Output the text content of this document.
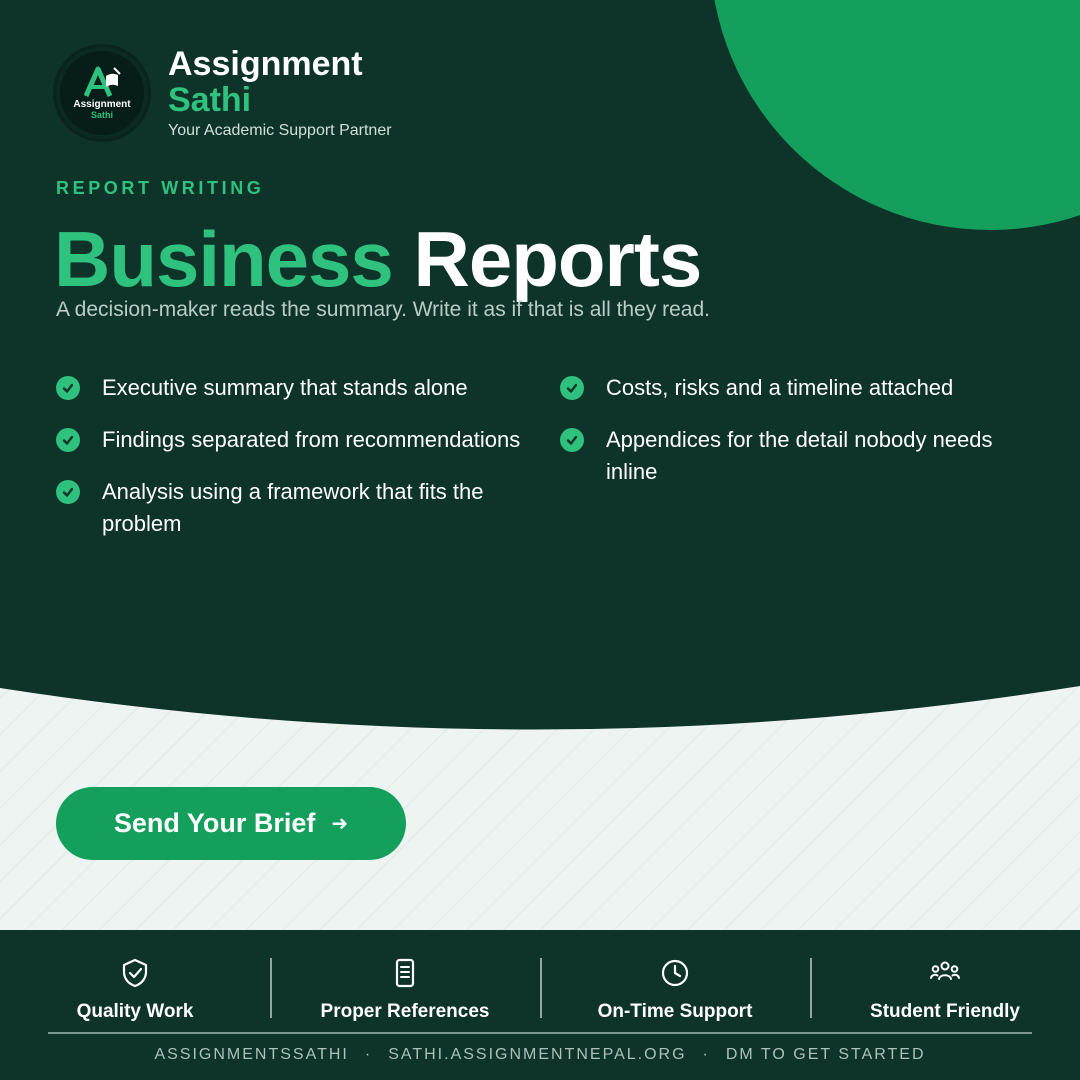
Assignment
Sathi
Assignment
Sathi
Your Academic Support Partner
REPORT WRITING
Business Reports

A decision-maker reads the summary. Write it as if that is all they read.

Executive summary that stands alone
Findings separated from recommendations
Analysis using a framework that fits the problem
Costs, risks and a timeline attached
Appendices for the detail nobody needs inline
Send Your Brief ➜
Quality Work	Proper References	On-Time Support	Student Friendly
ASSIGNMENTSSATHI · SATHI.ASSIGNMENTNEPAL.ORG · DM TO GET STARTED
